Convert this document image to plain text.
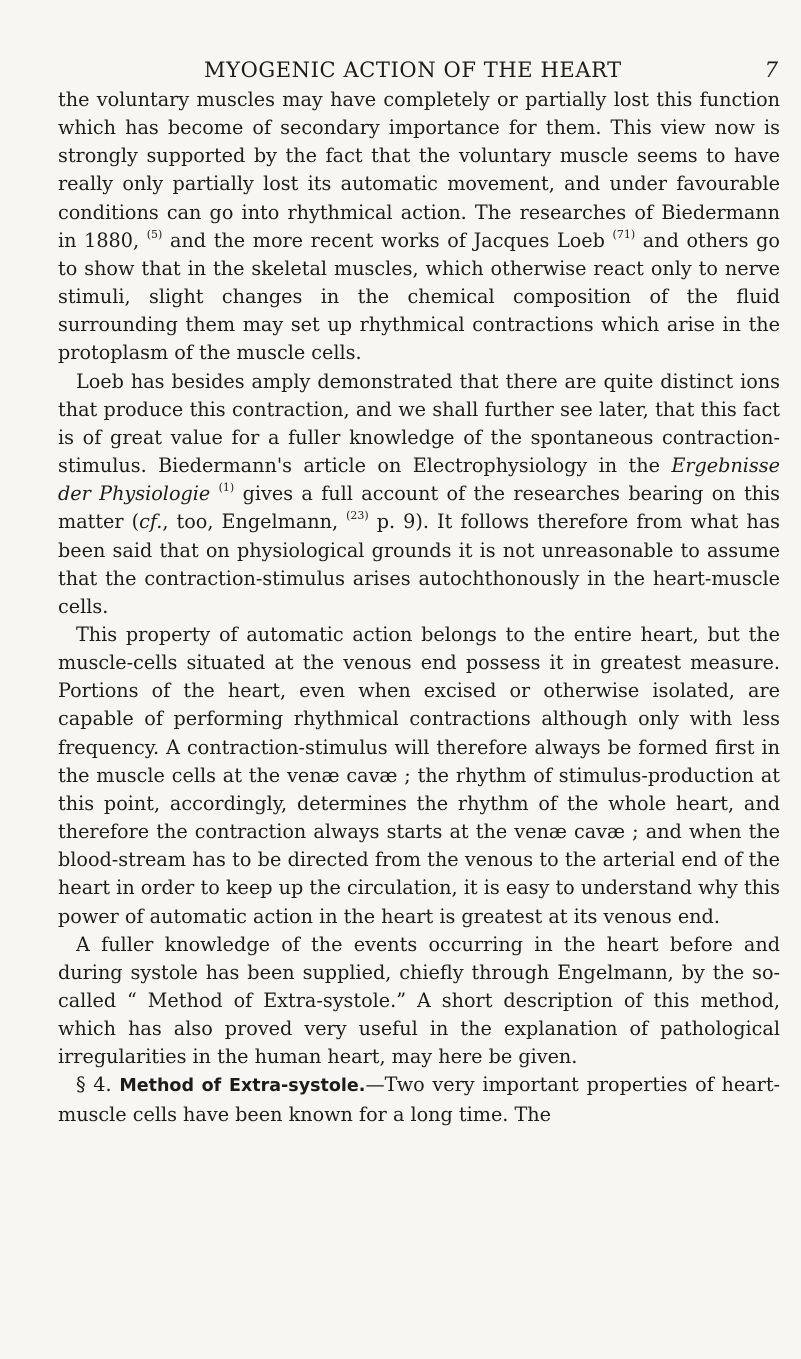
MYOGENIC ACTION OF THE HEART	7

the voluntary muscles may have completely or partially lost this function which has become of secondary importance for them. This view now is strongly supported by the fact that the voluntary muscle seems to have really only partially lost its automatic movement, and under favourable conditions can go into rhythmical action. The researches of Biedermann in 1880, $^{(5)}$ and the more recent works of Jacques Loeb $^{(71)}$ and others go to show that in the skeletal muscles, which otherwise react only to nerve stimuli, slight changes in the chemical composition of the fluid surrounding them may set up rhythmical contractions which arise in the protoplasm of the muscle cells.

Loeb has besides amply demonstrated that there are quite distinct ions that produce this contraction, and we shall further see later, that this fact is of great value for a fuller knowledge of the spontaneous contraction-stimulus. Biedermann's article on Electrophysiology in the Ergebnisse der Physiologie $^{(1)}$ gives a full account of the researches bearing on this matter (cf., too, Engelmann, $^{(23)}$ p. 9). It follows therefore from what has been said that on physiological grounds it is not unreasonable to assume that the contraction-stimulus arises autochthonously in the heart-muscle cells.

This property of automatic action belongs to the entire heart, but the muscle-cells situated at the venous end possess it in greatest measure. Portions of the heart, even when excised or otherwise isolated, are capable of performing rhythmical contractions although only with less frequency. A contraction-stimulus will therefore always be formed first in the muscle cells at the venæ cavæ ; the rhythm of stimulus-production at this point, accordingly, determines the rhythm of the whole heart, and therefore the contraction always starts at the venæ cavæ ; and when the blood-stream has to be directed from the venous to the arterial end of the heart in order to keep up the circulation, it is easy to understand why this power of automatic action in the heart is greatest at its venous end.

A fuller knowledge of the events occurring in the heart before and during systole has been supplied, chiefly through Engelmann, by the so-called “ Method of Extra-systole.” A short description of this method, which has also proved very useful in the explanation of pathological irregularities in the human heart, may here be given.

§ 4. Method of Extra-systole.—Two very important properties of heart-muscle cells have been known for a long time. The
